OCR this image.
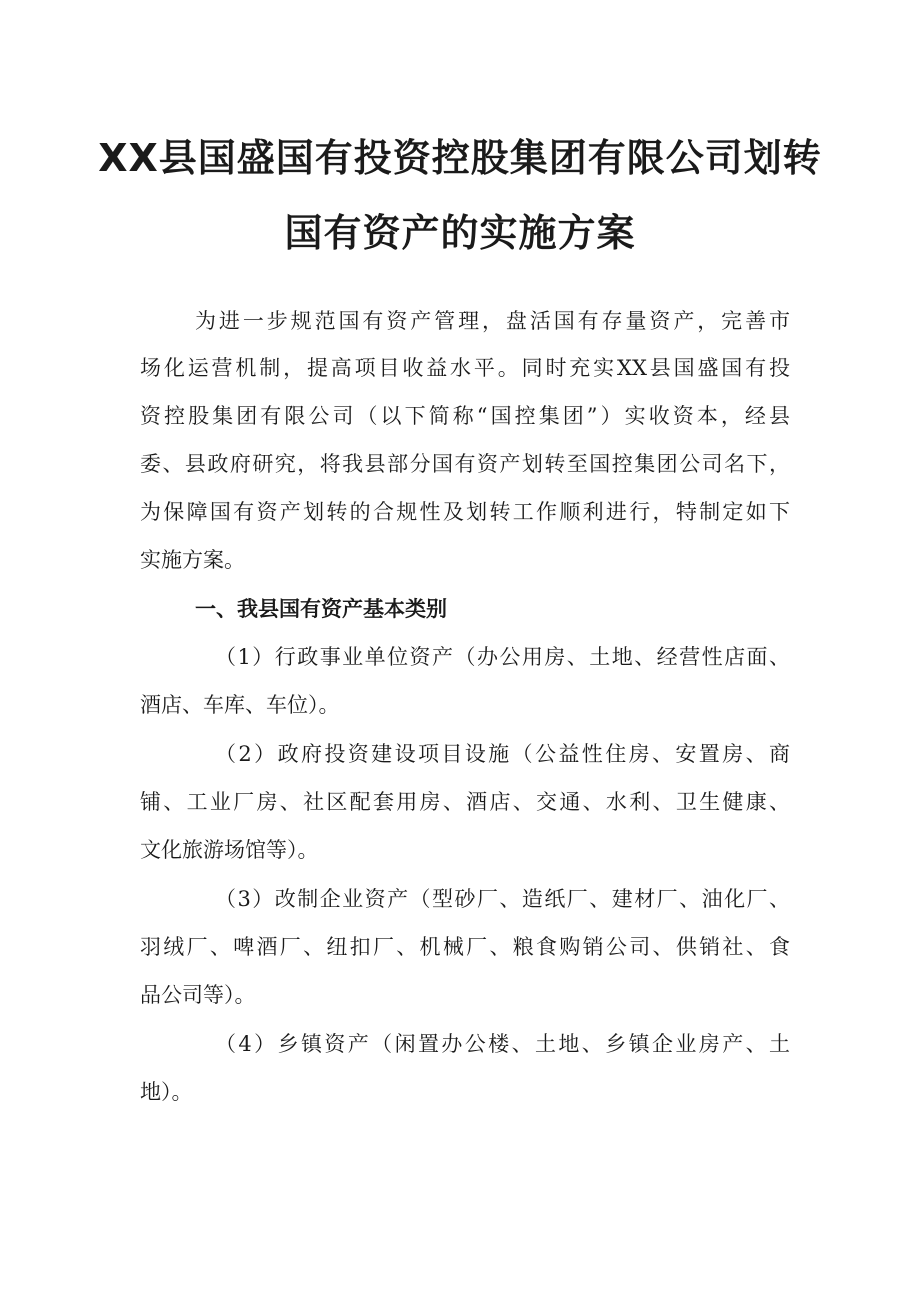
XX县国盛国有投资控股集团有限公司划转
国有资产的实施方案
为进一步规范国有资产管理，盘活国有存量资产，完善市
场化运营机制，提高项目收益水平。同时充实XX县国盛国有投
资控股集团有限公司（以下简称“国控集团”）实收资本，经县
委、县政府研究，将我县部分国有资产划转至国控集团公司名下，
为保障国有资产划转的合规性及划转工作顺利进行，特制定如下
实施方案。
一、我县国有资产基本类别
（1）行政事业单位资产（办公用房、土地、经营性店面、
酒店、车库、车位）。
（2）政府投资建设项目设施（公益性住房、安置房、商
铺、工业厂房、社区配套用房、酒店、交通、水利、卫生健康、
文化旅游场馆等）。
（3）改制企业资产（型砂厂、造纸厂、建材厂、油化厂、
羽绒厂、啤酒厂、纽扣厂、机械厂、粮食购销公司、供销社、食
品公司等）。
（4）乡镇资产（闲置办公楼、土地、乡镇企业房产、土
地）。
